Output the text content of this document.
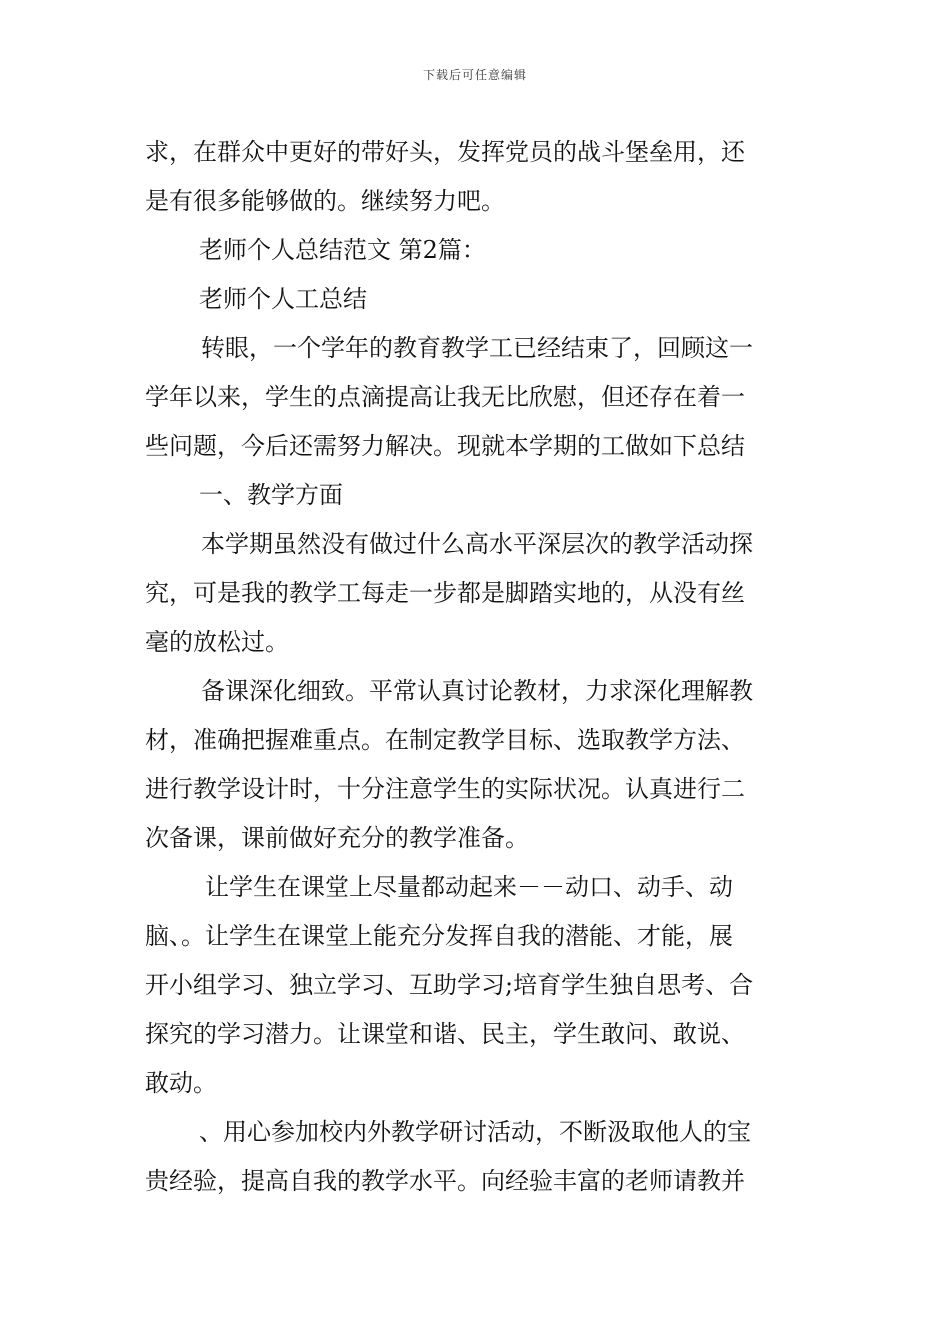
下载后可任意编辑
求，在群众中更好的带好头，发挥党员的战斗堡垒用，还
是有很多能够做的。继续努力吧。
老师个人总结范文 第2篇：
老师个人工总结
转眼，一个学年的教育教学工已经结束了，回顾这一
学年以来，学生的点滴提高让我无比欣慰，但还存在着一
些问题，今后还需努力解决。现就本学期的工做如下总结
一、教学方面
本学期虽然没有做过什么高水平深层次的教学活动探
究，可是我的教学工每走一步都是脚踏实地的，从没有丝
毫的放松过。
备课深化细致。平常认真讨论教材，力求深化理解教
材，准确把握难重点。在制定教学目标、选取教学方法、
进行教学设计时，十分注意学生的实际状况。认真进行二
次备课，课前做好充分的教学准备。
让学生在课堂上尽量都动起来－－动口、动手、动
脑、。让学生在课堂上能充分发挥自我的潜能、才能，展
开小组学习、独立学习、互助学习;培育学生独自思考、合
探究的学习潜力。让课堂和谐、民主，学生敢问、敢说、
敢动。
、用心参加校内外教学研讨活动，不断汲取他人的宝
贵经验，提高自我的教学水平。向经验丰富的老师请教并
